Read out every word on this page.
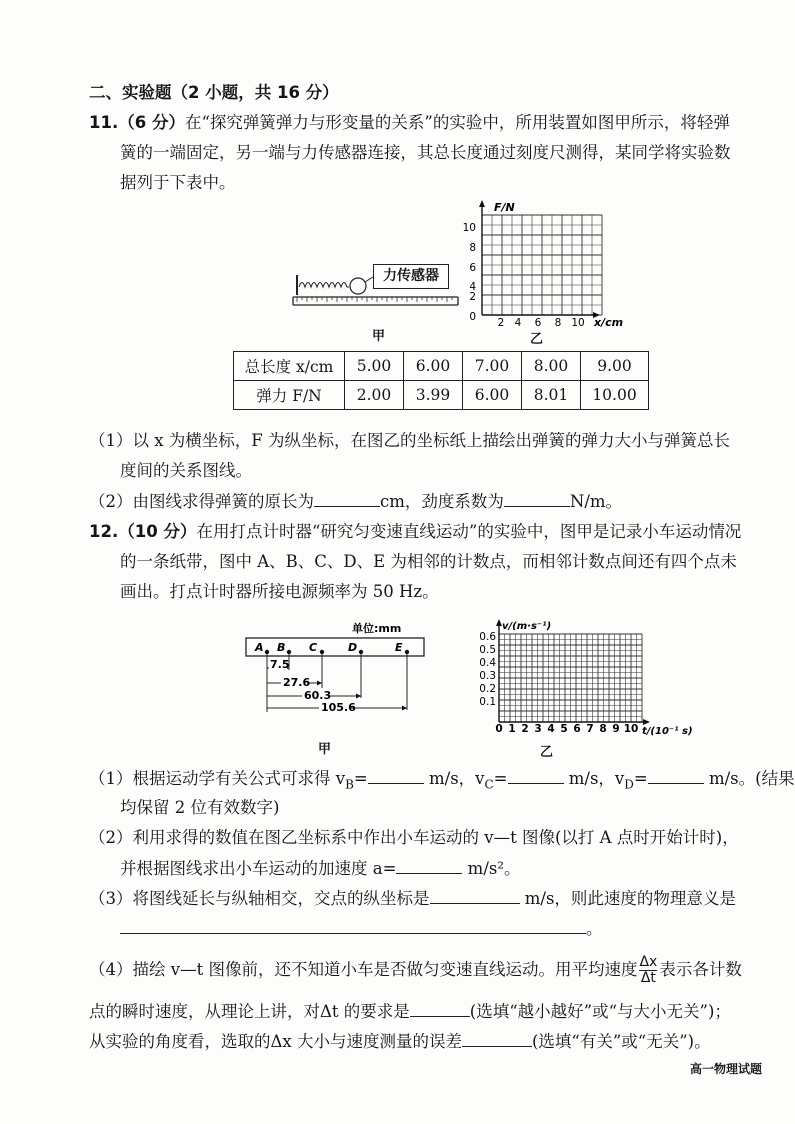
二、实验题（2 小题，共 16 分）
11.（6 分）在“探究弹簧弹力与形变量的关系”的实验中，所用装置如图甲所示，将轻弹
簧的一端固定，另一端与力传感器连接，其总长度通过刻度尺测得，某同学将实验数
据列于下表中。
力传感器
甲
F/N
x/cm
10
8
6
4
2
0 2 4 6 8 10
乙
总长度 x/cm	5.00	6.00	7.00	8.00	9.00
弹力 F/N	2.00	3.99	6.00	8.01	10.00
（1）以 x 为横坐标，F 为纵坐标，在图乙的坐标纸上描绘出弹簧的弹力大小与弹簧总长
度间的关系图线。
（2）由图线求得弹簧的原长为	cm，劲度系数为	N/m。
12.（10 分）在用打点计时器“研究匀变速直线运动”的实验中，图甲是记录小车运动情况
的一条纸带，图中 A、B、C、D、E 为相邻的计数点，而相邻计数点间还有四个点未
画出。打点计时器所接电源频率为 50 Hz。
单位:mm
A B C	D	E
7.5
27.6
60.3
105.6
甲
v/(m·s⁻¹)
t/(10⁻¹ s)
0.6
0.5
0.4
0.3
0.2
0.1
0 1 2 3 4 5 6 7 8 9 10
乙
（1）根据运动学有关公式可求得 $v_B=$	m/s，$v_C=$	m/s，$v_D=$	m/s。(结果
均保留 2 位有效数字)
（2）利用求得的数值在图乙坐标系中作出小车运动的 v—t 图像(以打 A 点时开始计时)，
并根据图线求出小车运动的加速度 a=	m/s²。
（3）将图线延长与纵轴相交，交点的纵坐标是	m/s，则此速度的物理意义是
。
（4）描绘 v—t 图像前，还不知道小车是否做匀变速直线运动。用平均速度 $\frac{\Delta x}{\Delta t}$ 表示各计数
点的瞬时速度，从理论上讲，对Δt 的要求是	(选填“越小越好”或“与大小无关”)；
从实验的角度看，选取的Δx 大小与速度测量的误差	(选填“有关”或“无关”)。
高一物理试题
